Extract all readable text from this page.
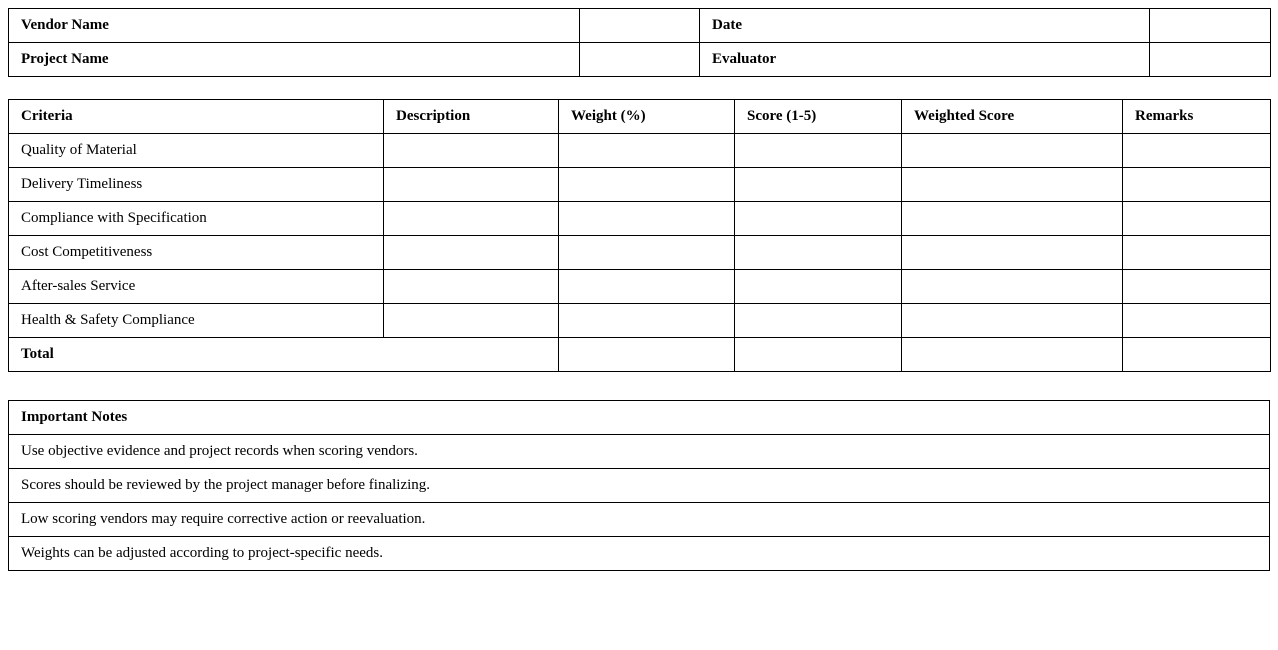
Vendor Name		Date	
Project Name		Evaluator	
Criteria	Description	Weight (%)	Score (1-5)	Weighted Score	Remarks
Quality of Material					
Delivery Timeliness					
Compliance with Specification					
Cost Competitiveness					
After-sales Service					
Health & Safety Compliance					
Total					
Important Notes
Use objective evidence and project records when scoring vendors.
Scores should be reviewed by the project manager before finalizing.
Low scoring vendors may require corrective action or reevaluation.
Weights can be adjusted according to project-specific needs.
